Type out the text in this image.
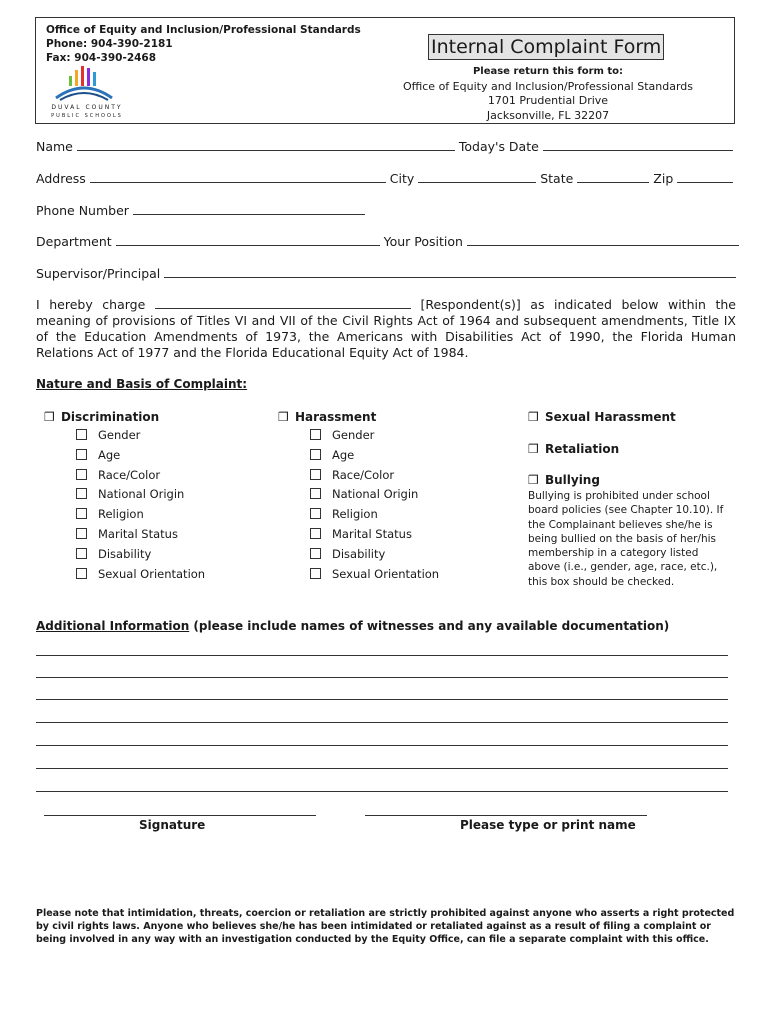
Office of Equity and Inclusion/Professional Standards
Phone: 904-390-2181
Fax: 904-390-2468
DUVAL COUNTY
PUBLIC SCHOOLS
Internal Complaint Form
Please return this form to:
Office of Equity and Inclusion/Professional Standards
1701 Prudential Drive
Jacksonville, FL 32207
Name	Today's Date
Address	City	State	Zip
Phone Number
Department	Your Position
Supervisor/Principal
I hereby charge	[Respondent(s)] as indicated below within the meaning of provisions of Titles VI and VII of the Civil Rights Act of 1964 and subsequent amendments, Title IX of the Education Amendments of 1973, the Americans with Disabilities Act of 1990, the Florida Human Relations Act of 1977 and the Florida Educational Equity Act of 1984.
Nature and Basis of Complaint:
❒ Discrimination
Gender
Age
Race/Color
National Origin
Religion
Marital Status
Disability
Sexual Orientation
❒ Harassment
Gender
Age
Race/Color
National Origin
Religion
Marital Status
Disability
Sexual Orientation
❒ Sexual Harassment
❒ Retaliation
❒ Bullying
Bullying is prohibited under school board policies (see Chapter 10.10). If the Complainant believes she/he is being bullied on the basis of her/his membership in a category listed above (i.e., gender, age, race, etc.), this box should be checked.
Additional Information (please include names of witnesses and any available documentation)
Signature	Please type or print name
Please note that intimidation, threats, coercion or retaliation are strictly prohibited against anyone who asserts a right protected by civil rights laws. Anyone who believes she/he has been intimidated or retaliated against as a result of filing a complaint or being involved in any way with an investigation conducted by the Equity Office, can file a separate complaint with this office.
